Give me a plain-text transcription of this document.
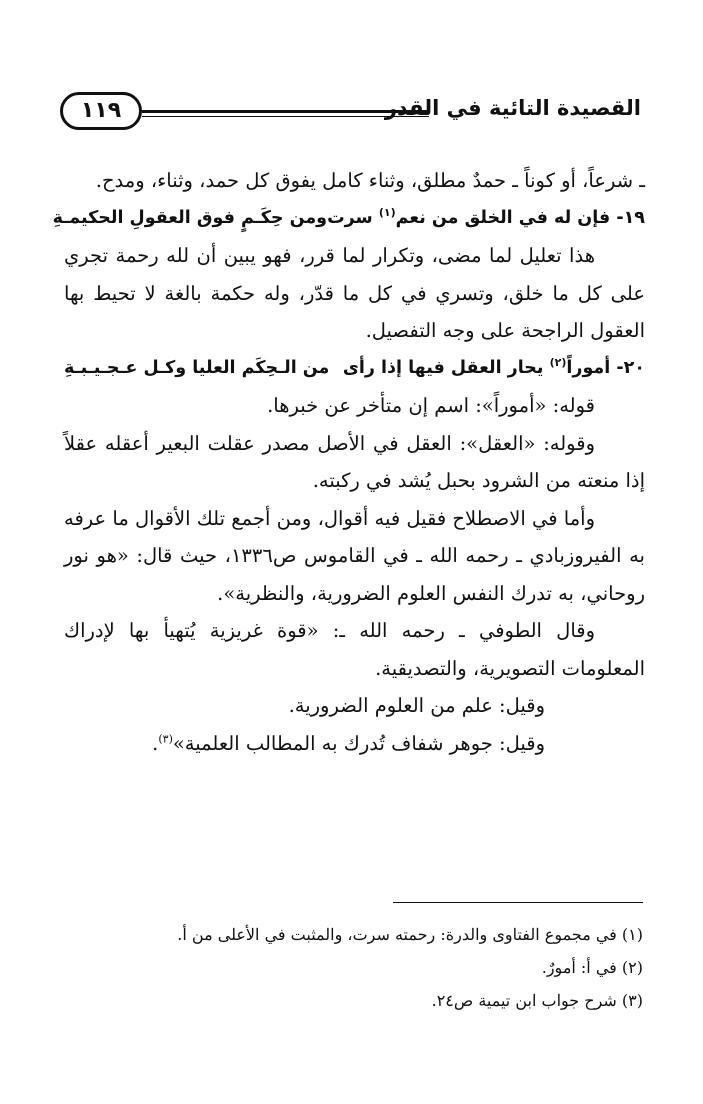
القصيدة التائية في القدر
١١٩

ـ شرعاً، أو كوناً ـ حمدٌ مطلق، وثناء كامل يفوق كل حمد، وثناء، ومدح.

١٩- فإن له في الخلق من نعم$^{(١)}$ سرت
ومن حِكَـمٍ فوق العقولِ الحكيمـةِ

هذا تعليل لما مضى، وتكرار لما قرر، فهو يبين أن لله رحمة تجري على كل ما خلق، وتسري في كل ما قدّر، وله حكمة بالغة لا تحيط بها العقول الراجحة على وجه التفصيل.

٢٠- أموراً$^{(٢)}$ يحار العقل فيها إذا رأى
من الـحِكَم العليا وكـل عـجـيـبـةِ

قوله: «أموراً»: اسم إن متأخر عن خبرها.

وقوله: «العقل»: العقل في الأصل مصدر عقلت البعير أعقله عقلاً إذا منعته من الشرود بحبل يُشد في ركبته.

وأما في الاصطلاح فقيل فيه أقوال، ومن أجمع تلك الأقوال ما عرفه به الفيروزبادي ـ رحمه الله ـ في القاموس ص١٣٣٦، حيث قال: «هو نور روحاني، به تدرك النفس العلوم الضرورية، والنظرية».

وقال الطوفي ـ رحمه الله ـ: «قوة غريزية يُتهيأ بها لإدراك المعلومات التصويرية، والتصديقية.

وقيل: علم من العلوم الضرورية.

وقيل: جوهر شفاف تُدرك به المطالب العلمية»$^{(٣)}$.

(١) في مجموع الفتاوى والدرة: رحمته سرت، والمثبت في الأعلى من أ.
(٢) في أ: أمورٌ.
(٣) شرح جواب ابن تيمية ص٢٤.
